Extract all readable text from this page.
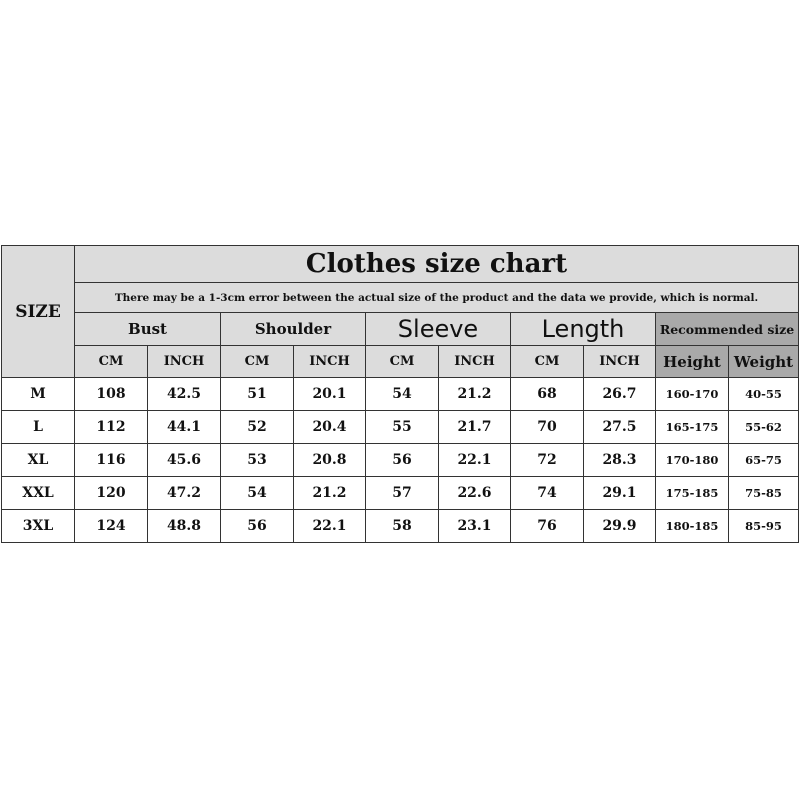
SIZE	Clothes size chart									
	There may be a 1-3cm error between the actual size of the product and the data we provide, which is normal.									
	Bust		Shoulder		Sleeve		Length		Recommended size	
	CM	INCH	CM	INCH	CM	INCH	CM	INCH	Height	Weight
M	108	42.5	51	20.1	54	21.2	68	26.7	160-170	40-55
L	112	44.1	52	20.4	55	21.7	70	27.5	165-175	55-62
XL	116	45.6	53	20.8	56	22.1	72	28.3	170-180	65-75
XXL	120	47.2	54	21.2	57	22.6	74	29.1	175-185	75-85
3XL	124	48.8	56	22.1	58	23.1	76	29.9	180-185	85-95
